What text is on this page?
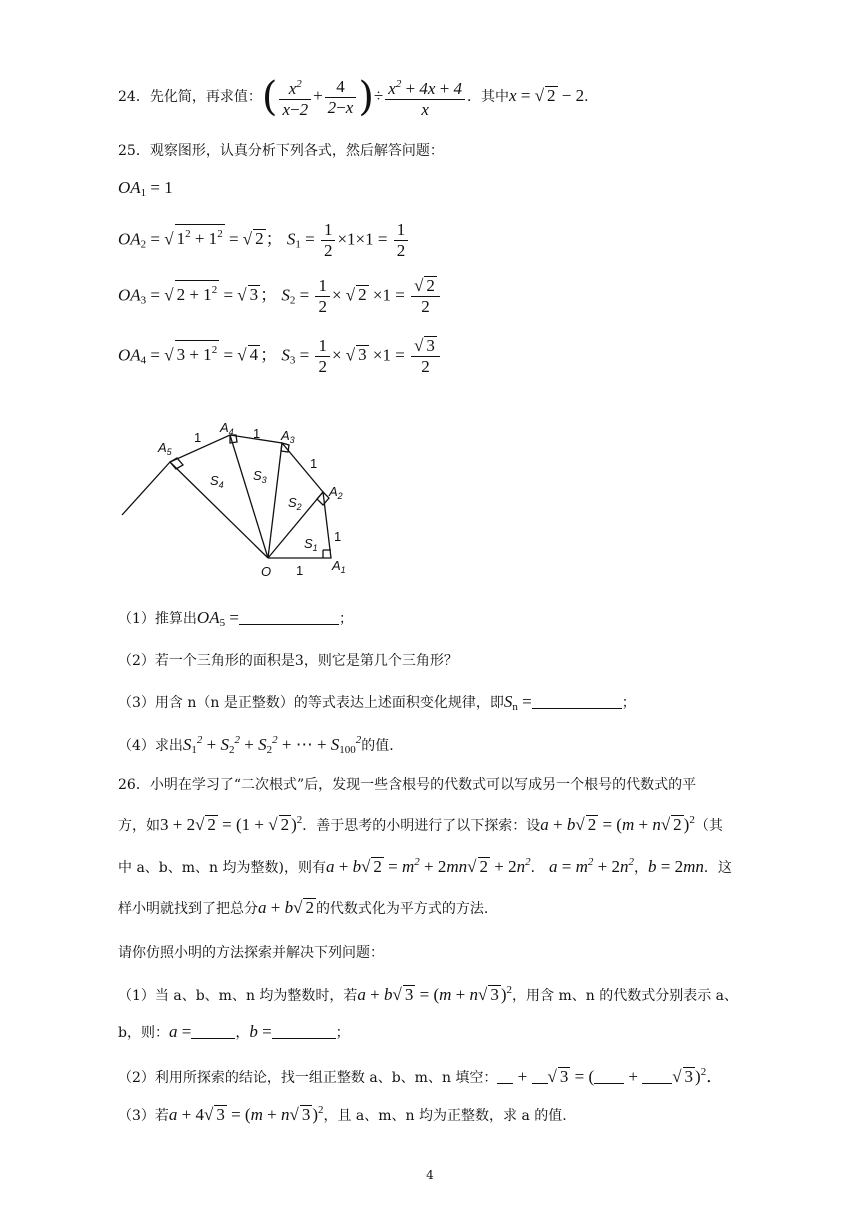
24．先化简，再求值：( $\frac{x^2}{x-2} + \frac{4}{2-x}$ )÷ $\frac{x^2 + 4x + 4}{x}$ ．其中x = √ 2 − 2．
25．观察图形，认真分析下列各式，然后解答问题：
$OA_1 = 1$
$OA_2$ = √ $1^2 + 1^2$ = √ 2 ； $S_1 = \frac{1}{2} \times 1\times 1 = \frac{1}{2}$
$OA_3$ = √ $2 + 1^2$ = √ 3 ； $S_2 = \frac{1}{2}$ × √ $2 \times 1 = \frac{√ 2}{2}$
$OA_4$ = √ $3 + 1^2$ = √ 4 ； $S_3 = \frac{1}{2}$ × √ $3 \times 1 = \frac{√ 3}{2}$
$A_1$
$A_2$
$A_3$
$A_4$
$A_5$
O
$S_1$
$S_2$
$S_3$
$S_4$
1	1
1
1
1
（1）推算出$OA_5$ =	；
（2）若一个三角形的面积是3，则它是第几个三角形？
（3）用含 n（n 是正整数）的等式表达上述面积变化规律，即$S_n$ =	；
（4）求出$S_1^2 + S_2^2 + S_2^2$ + ⋯ + $S_{100}^2$的值.
26．小明在学习了“二次根式”后，发现一些含根号的代数式可以写成另一个根号的代数式的平
方，如3 + 2√ 2 = (1 + √ 2 )$^2$．善于思考的小明进行了以下探索：设a + b√ 2 = (m + n√ 2 )$^2$（其
中 a、b、m、n 均为整数)，则有a + b√ $2 = m^2 + 2mn√$ $2 + 2n^2$． $a = m^2 + 2n^2$，b = 2mn．这
样小明就找到了把总分a + b√ 2 的代数式化为平方式的方法.
请你仿照小明的方法探索并解决下列问题：
（1）当 a、b、m、n 均为整数时，若a + b√ 3 = (m + n√ 3 )$^2$，用含 m、n 的代数式分别表示 a、
b，则：a =	，b =	；
（2）利用所探索的结论，找一组正整数 a、b、m、n 填空： + √ 3 = ( + √ 3 )$^2$．
（3）若a + 4√ 3 = (m + n√ 3 )$^2$，且 a、m、n 均为正整数，求 a 的值.
4
